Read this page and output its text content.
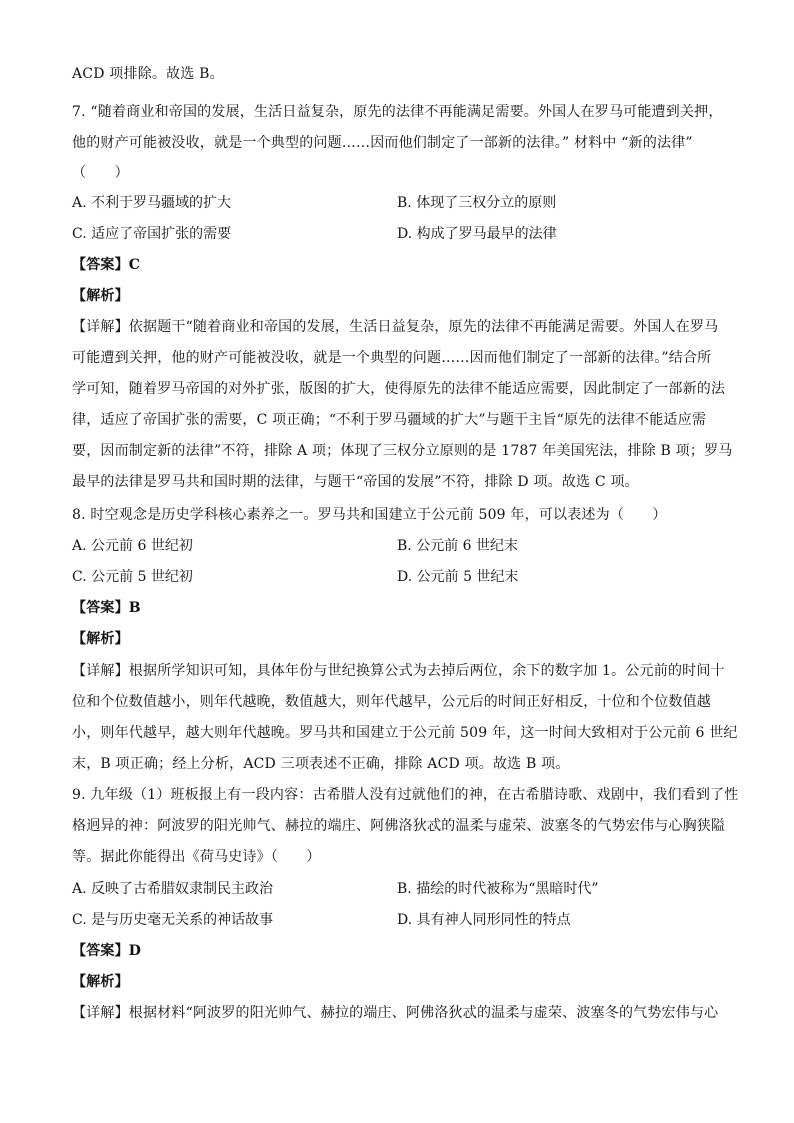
ACD 项排除。故选 B。
7. “随着商业和帝国的发展，生活日益复杂，原先的法律不再能满足需要。外国人在罗马可能遭到关押，
他的财产可能被没收，就是一个典型的问题……因而他们制定了一部新的法律。” 材料中 “新的法律”
（　　）
A. 不利于罗马疆域的扩大	B. 体现了三权分立的原则
C. 适应了帝国扩张的需要	D. 构成了罗马最早的法律
【答案】C
【解析】
【详解】依据题干“随着商业和帝国的发展，生活日益复杂，原先的法律不再能满足需要。外国人在罗马
可能遭到关押，他的财产可能被没收，就是一个典型的问题……因而他们制定了一部新的法律。”结合所
学可知，随着罗马帝国的对外扩张，版图的扩大，使得原先的法律不能适应需要，因此制定了一部新的法
律，适应了帝国扩张的需要，C 项正确；“不利于罗马疆域的扩大”与题干主旨“原先的法律不能适应需
要，因而制定新的法律”不符，排除 A 项；体现了三权分立原则的是 1787 年美国宪法，排除 B 项；罗马
最早的法律是罗马共和国时期的法律，与题干“帝国的发展”不符，排除 D 项。故选 C 项。
8. 时空观念是历史学科核心素养之一。罗马共和国建立于公元前 509 年，可以表述为（　　）
A. 公元前 6 世纪初	B. 公元前 6 世纪末
C. 公元前 5 世纪初	D. 公元前 5 世纪末
【答案】B
【解析】
【详解】根据所学知识可知，具体年份与世纪换算公式为去掉后两位，余下的数字加 1。公元前的时间十
位和个位数值越小，则年代越晚，数值越大，则年代越早，公元后的时间正好相反，十位和个位数值越
小，则年代越早，越大则年代越晚。罗马共和国建立于公元前 509 年，这一时间大致相对于公元前 6 世纪
末，B 项正确；经上分析，ACD 三项表述不正确，排除 ACD 项。故选 B 项。
9. 九年级（1）班板报上有一段内容：古希腊人没有过就他们的神，在古希腊诗歌、戏剧中，我们看到了性
格迥异的神：阿波罗的阳光帅气、赫拉的端庄、阿佛洛狄忒的温柔与虚荣、波塞冬的气势宏伟与心胸狭隘
等。据此你能得出《荷马史诗》（　　）
A. 反映了古希腊奴隶制民主政治	B. 描绘的时代被称为“黑暗时代”
C. 是与历史毫无关系的神话故事	D. 具有神人同形同性的特点
【答案】D
【解析】
【详解】根据材料“阿波罗的阳光帅气、赫拉的端庄、阿佛洛狄忒的温柔与虚荣、波塞冬的气势宏伟与心
